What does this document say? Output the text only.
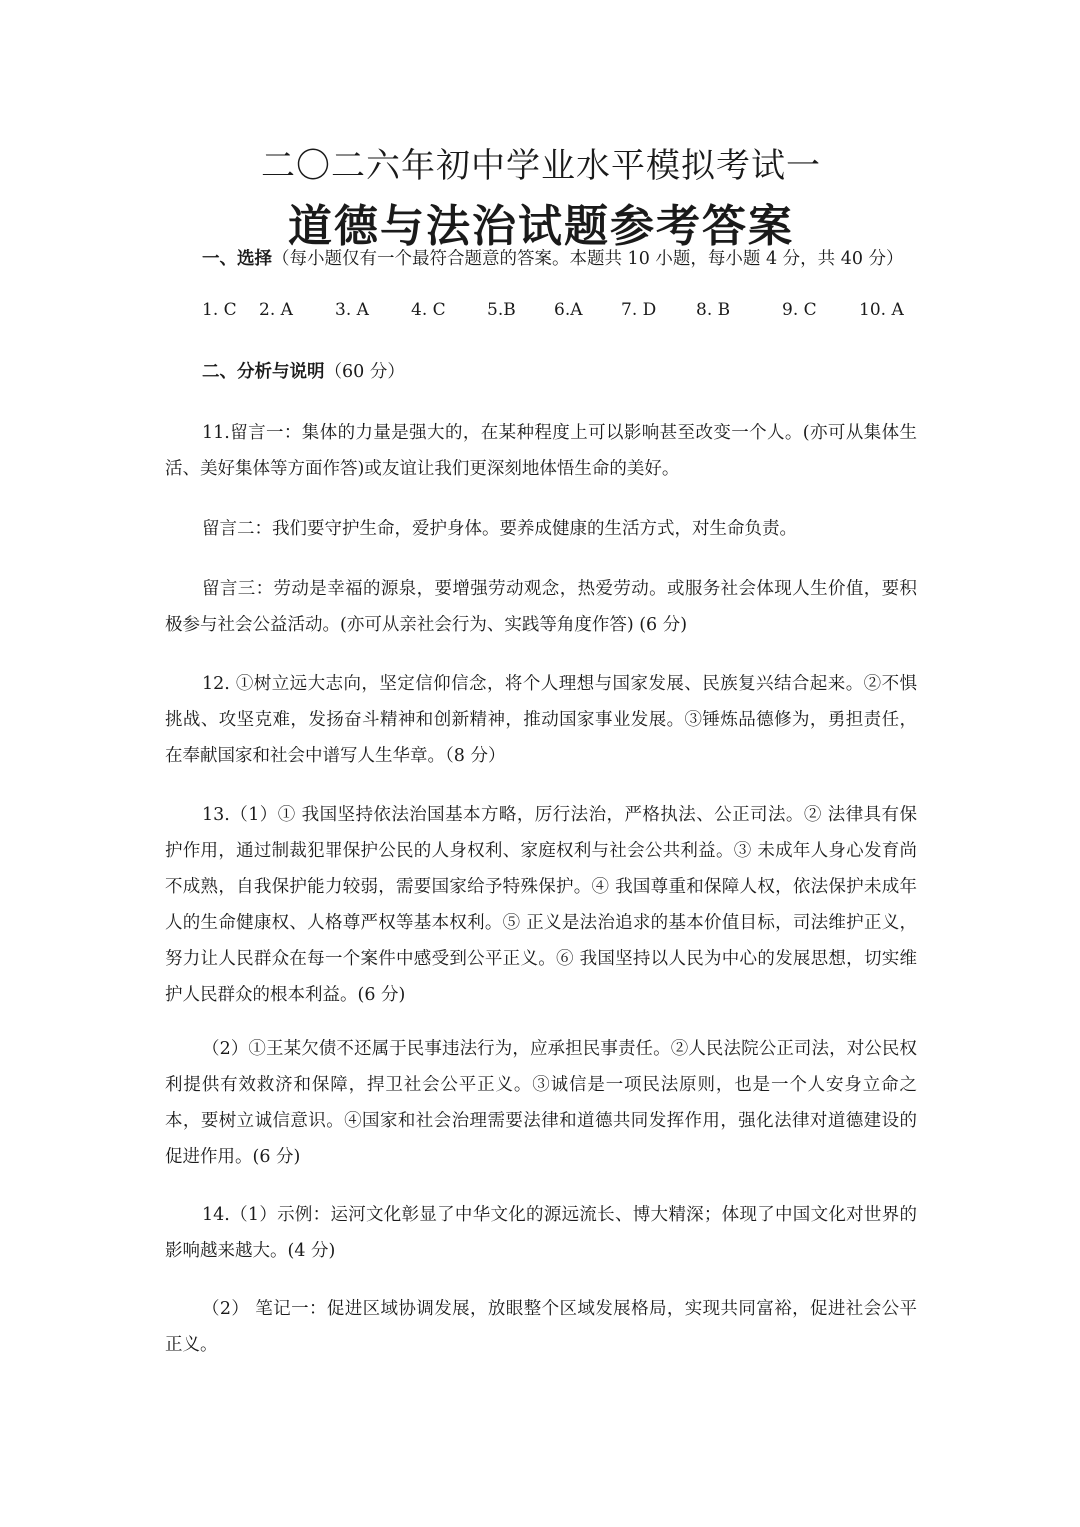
二〇二六年初中学业水平模拟考试一
道德与法治试题参考答案

一、选择（每小题仅有一个最符合题意的答案。本题共 10 小题，每小题 4 分，共 40 分）

1. C 2. A 3. A 4. C 5.B 6.A 7. D 8. B	9. C 10. A

二、分析与说明（60 分）

11.留言一：集体的力量是强大的，在某种程度上可以影响甚至改变一个人。(亦可从集体生活、美好集体等方面作答)或友谊让我们更深刻地体悟生命的美好。

留言二：我们要守护生命，爱护身体。要养成健康的生活方式，对生命负责。

留言三：劳动是幸福的源泉，要增强劳动观念，热爱劳动。或服务社会体现人生价值，要积极参与社会公益活动。(亦可从亲社会行为、实践等角度作答) (6 分)

12. ①树立远大志向，坚定信仰信念，将个人理想与国家发展、民族复兴结合起来。②不惧挑战、攻坚克难，发扬奋斗精神和创新精神，推动国家事业发展。③锤炼品德修为，勇担责任，在奉献国家和社会中谱写人生华章。（8 分）

13.（1）① 我国坚持依法治国基本方略，厉行法治，严格执法、公正司法。② 法律具有保护作用，通过制裁犯罪保护公民的人身权利、家庭权利与社会公共利益。③ 未成年人身心发育尚不成熟，自我保护能力较弱，需要国家给予特殊保护。④ 我国尊重和保障人权，依法保护未成年人的生命健康权、人格尊严权等基本权利。⑤ 正义是法治追求的基本价值目标，司法维护正义，努力让人民群众在每一个案件中感受到公平正义。⑥ 我国坚持以人民为中心的发展思想，切实维护人民群众的根本利益。(6 分)

（2）①王某欠债不还属于民事违法行为，应承担民事责任。②人民法院公正司法，对公民权利提供有效救济和保障，捍卫社会公平正义。③诚信是一项民法原则，也是一个人安身立命之本，要树立诚信意识。④国家和社会治理需要法律和道德共同发挥作用，强化法律对道德建设的促进作用。(6 分)

14.（1）示例：运河文化彰显了中华文化的源远流长、博大精深；体现了中国文化对世界的影响越来越大。(4 分)

（2） 笔记一：促进区域协调发展，放眼整个区域发展格局，实现共同富裕，促进社会公平正义。
